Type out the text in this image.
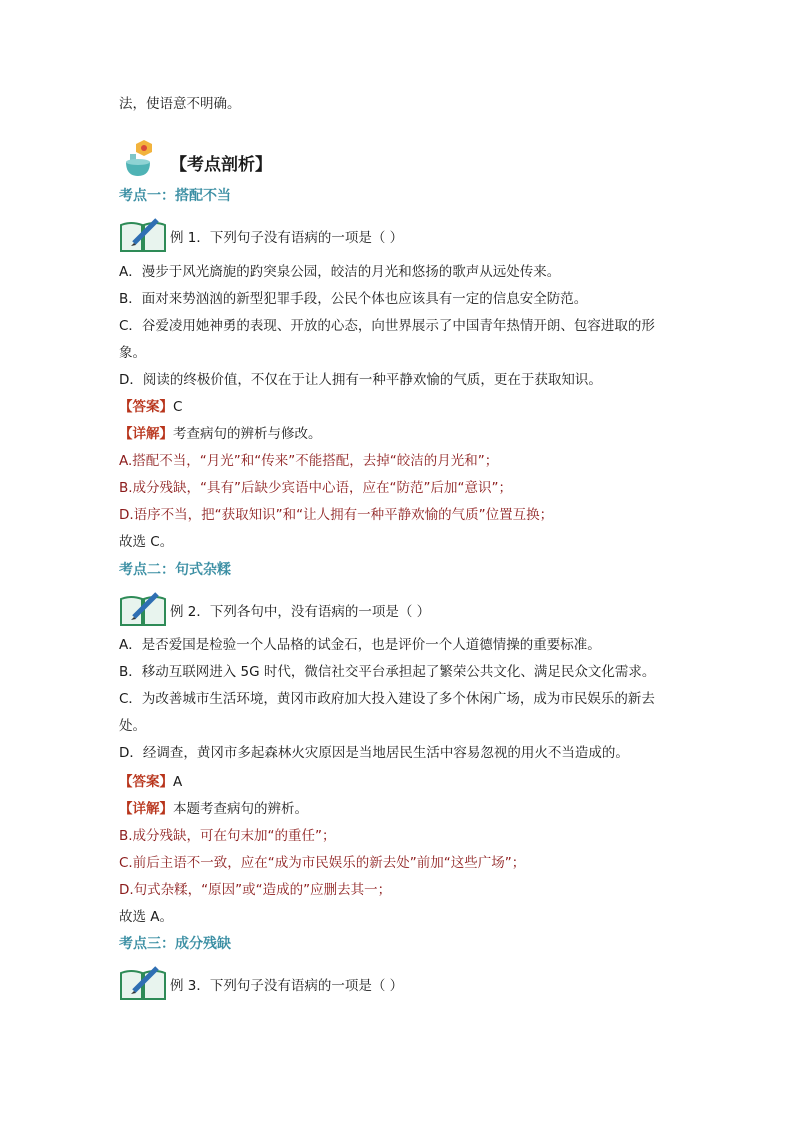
法，使语意不明确。
【考点剖析】
考点一：搭配不当
例 1．下列句子没有语病的一项是（ ）
A．漫步于风光旖旎的趵突泉公园，皎洁的月光和悠扬的歌声从远处传来。
B．面对来势汹汹的新型犯罪手段，公民个体也应该具有一定的信息安全防范。
C．谷爱凌用她神勇的表现、开放的心态，向世界展示了中国青年热情开朗、包容进取的形
象。
D．阅读的终极价值，不仅在于让人拥有一种平静欢愉的气质，更在于获取知识。
【答案】C
【详解】考查病句的辨析与修改。
A.搭配不当，“月光”和“传来”不能搭配，去掉“皎洁的月光和”；
B.成分残缺，“具有”后缺少宾语中心语，应在“防范”后加“意识”；
D.语序不当，把“获取知识”和“让人拥有一种平静欢愉的气质”位置互换；
故选 C。
考点二：句式杂糅
例 2．下列各句中，没有语病的一项是（ ）
A．是否爱国是检验一个人品格的试金石，也是评价一个人道德情操的重要标准。
B．移动互联网进入 5G 时代，微信社交平台承担起了繁荣公共文化、满足民众文化需求。
C．为改善城市生活环境，黄冈市政府加大投入建设了多个休闲广场，成为市民娱乐的新去
处。
D．经调查，黄冈市多起森林火灾原因是当地居民生活中容易忽视的用火不当造成的。
【答案】A
【详解】本题考查病句的辨析。
B.成分残缺，可在句末加“的重任”；
C.前后主语不一致，应在“成为市民娱乐的新去处”前加“这些广场”；
D.句式杂糅，“原因”或“造成的”应删去其一；
故选 A。
考点三：成分残缺
例 3．下列句子没有语病的一项是（ ）
